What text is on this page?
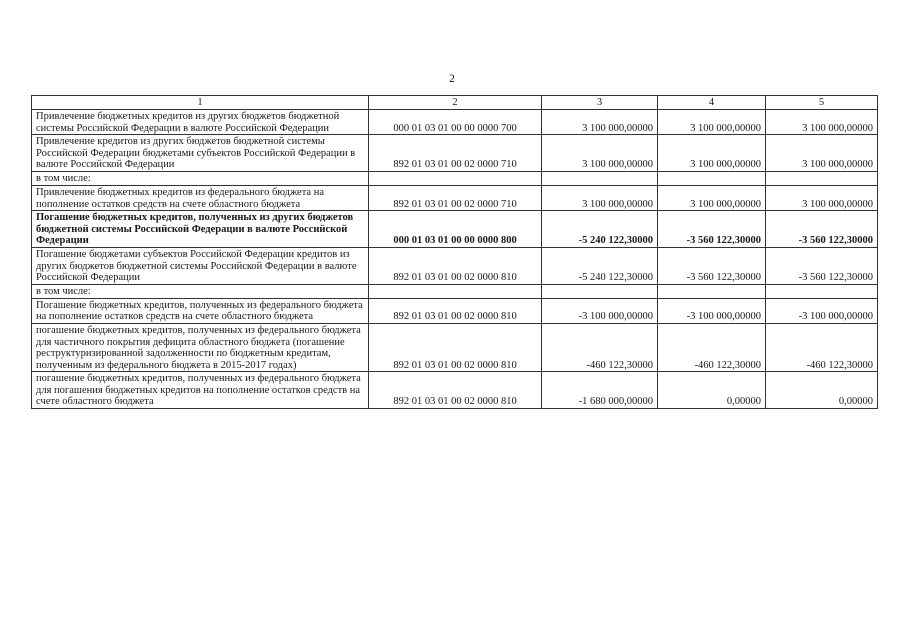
2
1	2	3	4	5
Привлечение бюджетных кредитов из других бюджетов бюджетной системы Российской Федерации в валюте Российской Федерации	000 01 03 01 00 00 0000 700	3 100 000,00000	3 100 000,00000	3 100 000,00000
Привлечение кредитов из других бюджетов бюджетной системы Российской Федерации бюджетами субъектов Российской Федерации в валюте Российской Федерации	892 01 03 01 00 02 0000 710	3 100 000,00000	3 100 000,00000	3 100 000,00000
в том числе:				
Привлечение бюджетных кредитов из федерального бюджета на пополнение остатков средств на счете областного бюджета	892 01 03 01 00 02 0000 710	3 100 000,00000	3 100 000,00000	3 100 000,00000
Погашение бюджетных кредитов, полученных из других бюджетов бюджетной системы Российской Федерации в валюте Российской Федерации	000 01 03 01 00 00 0000 800	-5 240 122,30000	-3 560 122,30000	-3 560 122,30000
Погашение бюджетами субъектов Российской Федерации кредитов из других бюджетов бюджетной системы Российской Федерации в валюте Российской Федерации	892 01 03 01 00 02 0000 810	-5 240 122,30000	-3 560 122,30000	-3 560 122,30000
в том числе:				
Погашение бюджетных кредитов, полученных из федерального бюджета на пополнение остатков средств на счете областного бюджета	892 01 03 01 00 02 0000 810	-3 100 000,00000	-3 100 000,00000	-3 100 000,00000
погашение бюджетных кредитов, полученных из федерального бюджета для частичного покрытия дефицита областного бюджета (погашение реструктуризированной задолженности по бюджетным кредитам, полученным из федерального бюджета в 2015-2017 годах)	892 01 03 01 00 02 0000 810	-460 122,30000	-460 122,30000	-460 122,30000
погашение бюджетных кредитов, полученных из федерального бюджета для погашения бюджетных кредитов на пополнение остатков средств на счете областного бюджета	892 01 03 01 00 02 0000 810	-1 680 000,00000	0,00000	0,00000
